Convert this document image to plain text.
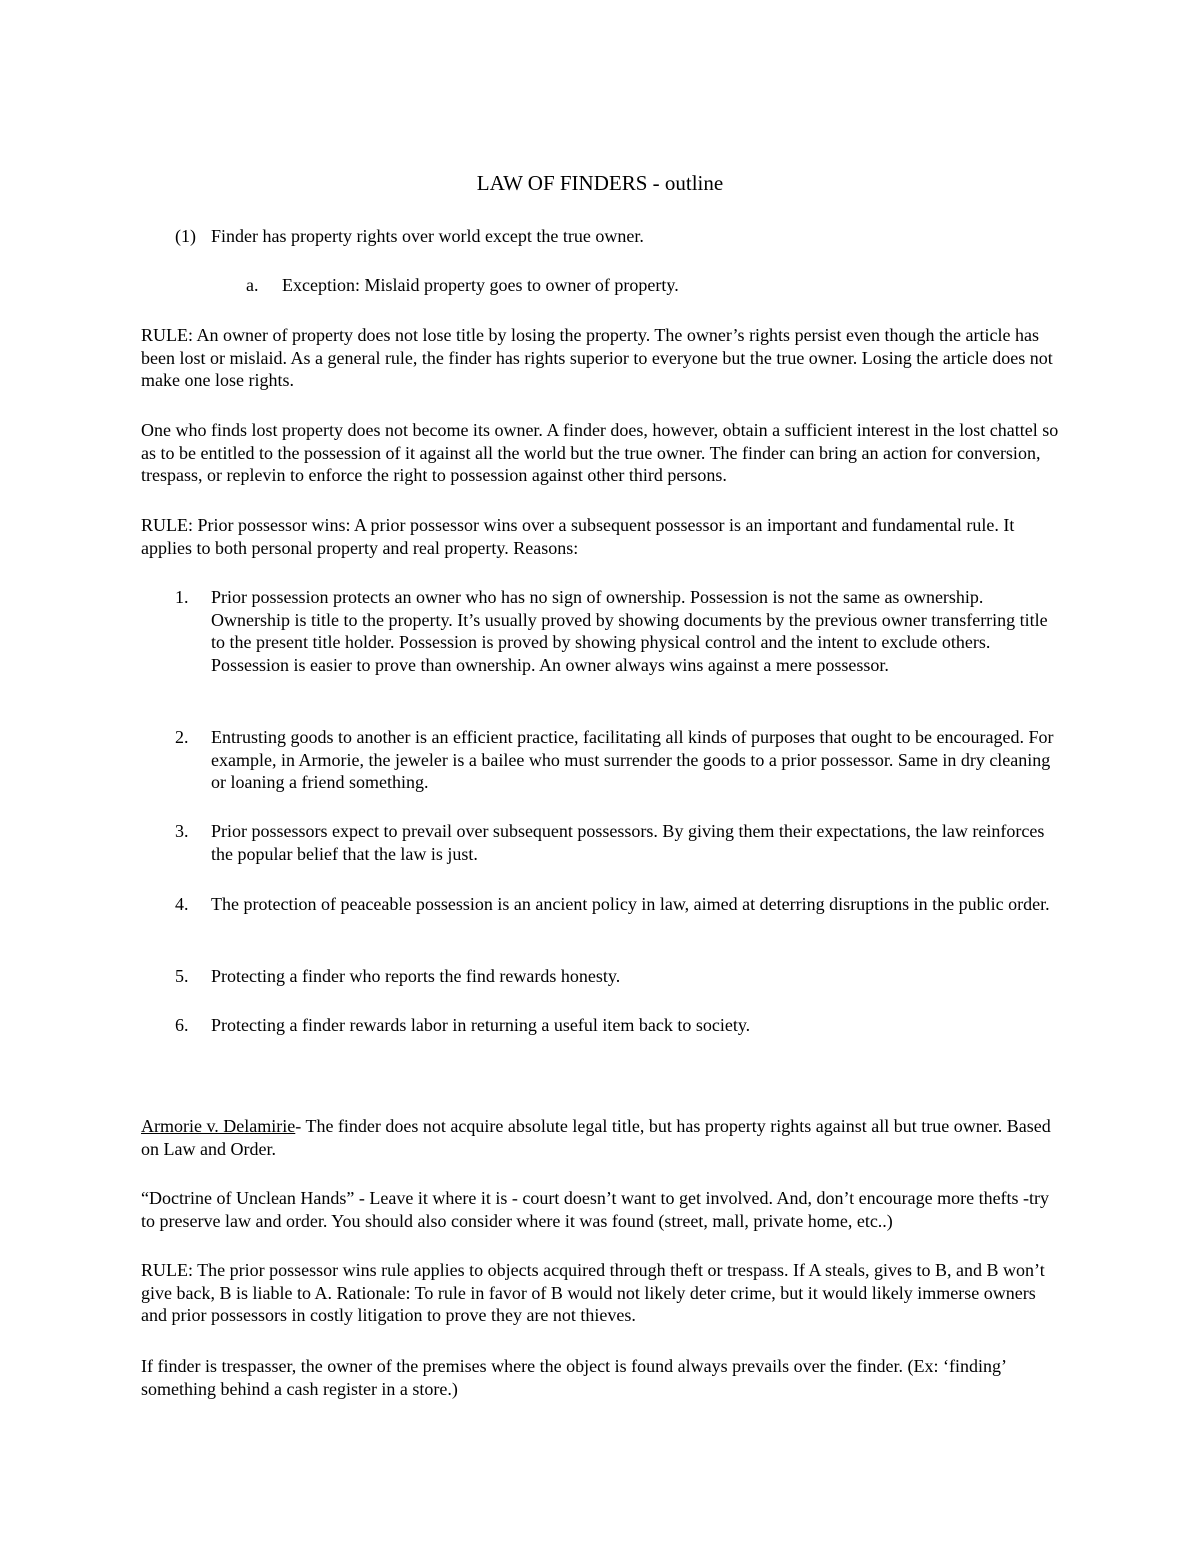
LAW OF FINDERS - outline
(1) Finder has property rights over world except the true owner.
a. Exception: Mislaid property goes to owner of property.

RULE: An owner of property does not lose title by losing the property. The owner’s rights persist even though the article has been lost or mislaid. As a general rule, the finder has rights superior to everyone but the true owner. Losing the article does not make one lose rights.

One who finds lost property does not become its owner. A finder does, however, obtain a sufficient interest in the lost chattel so as to be entitled to the possession of it against all the world but the true owner. The finder can bring an action for conversion, trespass, or replevin to enforce the right to possession against other third persons.

RULE: Prior possessor wins: A prior possessor wins over a subsequent possessor is an important and fundamental rule. It applies to both personal property and real property. Reasons:

1. Prior possession protects an owner who has no sign of ownership. Possession is not the same as ownership. Ownership is title to the property. It’s usually proved by showing documents by the previous owner transferring title to the present title holder. Possession is proved by showing physical control and the intent to exclude others. Possession is easier to prove than ownership. An owner always wins against a mere possessor.
2. Entrusting goods to another is an efficient practice, facilitating all kinds of purposes that ought to be encouraged. For example, in Armorie, the jeweler is a bailee who must surrender the goods to a prior possessor. Same in dry cleaning or loaning a friend something.
3. Prior possessors expect to prevail over subsequent possessors. By giving them their expectations, the law reinforces the popular belief that the law is just.
4. The protection of peaceable possession is an ancient policy in law, aimed at deterring disruptions in the public order.
5. Protecting a finder who reports the find rewards honesty.
6. Protecting a finder rewards labor in returning a useful item back to society.

Armorie v. Delamirie- The finder does not acquire absolute legal title, but has property rights against all but true owner. Based on Law and Order.

“Doctrine of Unclean Hands” - Leave it where it is - court doesn’t want to get involved. And, don’t encourage more thefts -try to preserve law and order. You should also consider where it was found (street, mall, private home, etc..)

RULE: The prior possessor wins rule applies to objects acquired through theft or trespass. If A steals, gives to B, and B won’t give back, B is liable to A. Rationale: To rule in favor of B would not likely deter crime, but it would likely immerse owners and prior possessors in costly litigation to prove they are not thieves.

If finder is trespasser, the owner of the premises where the object is found always prevails over the finder. (Ex: ‘finding’ something behind a cash register in a store.)
